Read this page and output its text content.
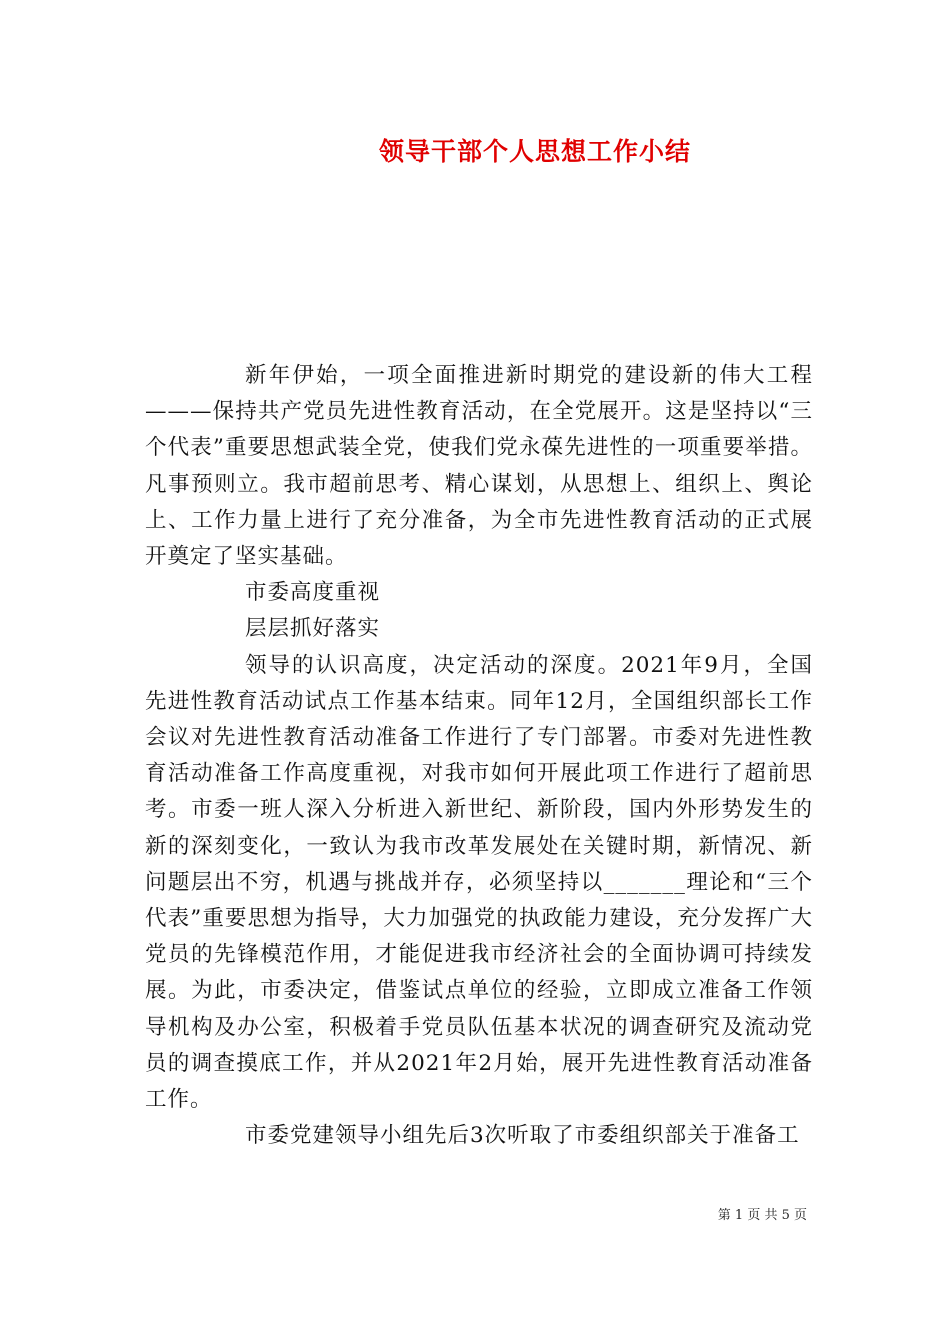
领导干部个人思想工作小结

新年伊始，一项全面推进新时期党的建设新的伟大工程———保持共产党员先进性教育活动，在全党展开。这是坚持以“三个代表”重要思想武装全党，使我们党永葆先进性的一项重要举措。凡事预则立。我市超前思考、精心谋划，从思想上、组织上、舆论上、工作力量上进行了充分准备，为全市先进性教育活动的正式展开奠定了坚实基础。

市委高度重视

层层抓好落实

领导的认识高度，决定活动的深度。2021年9月，全国先进性教育活动试点工作基本结束。同年12月，全国组织部长工作会议对先进性教育活动准备工作进行了专门部署。市委对先进性教育活动准备工作高度重视，对我市如何开展此项工作进行了超前思考。市委一班人深入分析进入新世纪、新阶段，国内外形势发生的新的深刻变化，一致认为我市改革发展处在关键时期，新情况、新问题层出不穷，机遇与挑战并存，必须坚持以_______理论和“三个代表”重要思想为指导，大力加强党的执政能力建设，充分发挥广大党员的先锋模范作用，才能促进我市经济社会的全面协调可持续发展。为此，市委决定，借鉴试点单位的经验，立即成立准备工作领导机构及办公室，积极着手党员队伍基本状况的调查研究及流动党员的调查摸底工作，并从2021年2月始，展开先进性教育活动准备工作。

市委党建领导小组先后3次听取了市委组织部关于准备工

第 1 页 共 5 页
